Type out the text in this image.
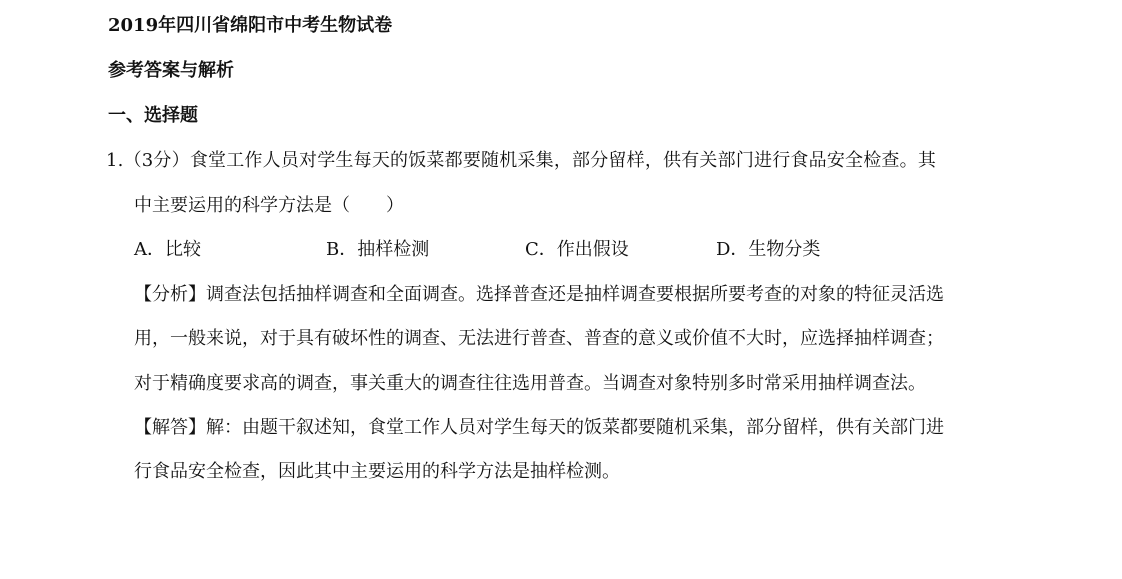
2019年四川省绵阳市中考生物试卷
参考答案与解析
一、选择题
1.（3分）食堂工作人员对学生每天的饭菜都要随机采集，部分留样，供有关部门进行食品安全检查。其
中主要运用的科学方法是（　　）
A．比较	B．抽样检测	C．作出假设	D．生物分类
【分析】调查法包括抽样调查和全面调查。选择普查还是抽样调查要根据所要考查的对象的特征灵活选
用，一般来说，对于具有破坏性的调查、无法进行普查、普查的意义或价值不大时，应选择抽样调查；
对于精确度要求高的调查，事关重大的调查往往选用普查。当调查对象特别多时常采用抽样调查法。
【解答】解：由题干叙述知，食堂工作人员对学生每天的饭菜都要随机采集，部分留样，供有关部门进
行食品安全检查，因此其中主要运用的科学方法是抽样检测。
